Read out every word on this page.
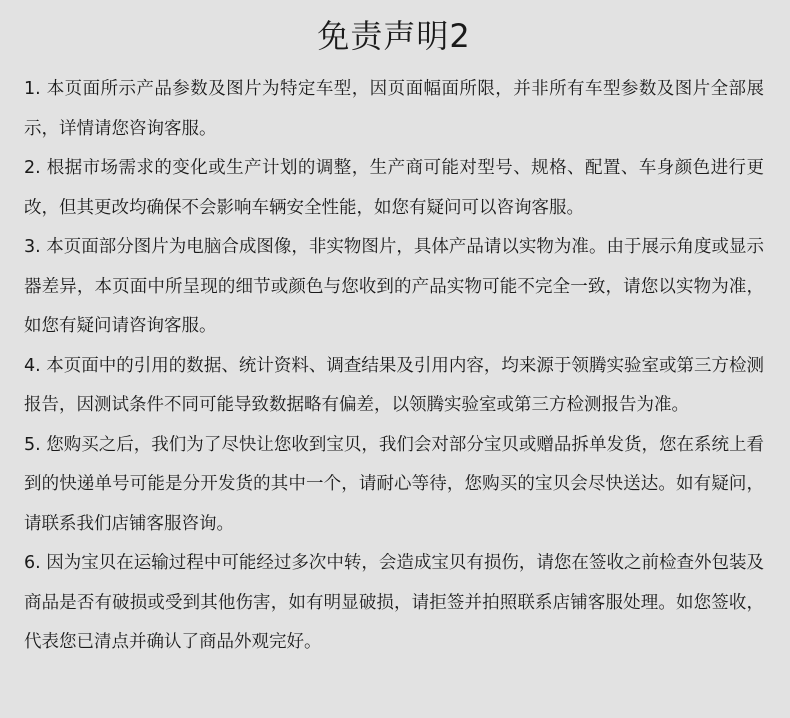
免责声明2

1. 本页面所示产品参数及图片为特定车型，因页面幅面所限，并非所有车型参数及图片全部展示，详情请您咨询客服。

2. 根据市场需求的变化或生产计划的调整，生产商可能对型号、规格、配置、车身颜色进行更改，但其更改均确保不会影响车辆安全性能，如您有疑问可以咨询客服。

3. 本页面部分图片为电脑合成图像，非实物图片，具体产品请以实物为准。由于展示角度或显示器差异，本页面中所呈现的细节或颜色与您收到的产品实物可能不完全一致，请您以实物为准，如您有疑问请咨询客服。

4. 本页面中的引用的数据、统计资料、调查结果及引用内容，均来源于领腾实验室或第三方检测报告，因测试条件不同可能导致数据略有偏差，以领腾实验室或第三方检测报告为准。

5. 您购买之后，我们为了尽快让您收到宝贝，我们会对部分宝贝或赠品拆单发货，您在系统上看到的快递单号可能是分开发货的其中一个，请耐心等待，您购买的宝贝会尽快送达。如有疑问，请联系我们店铺客服咨询。

6. 因为宝贝在运输过程中可能经过多次中转，会造成宝贝有损伤，请您在签收之前检查外包装及商品是否有破损或受到其他伤害，如有明显破损，请拒签并拍照联系店铺客服处理。如您签收，代表您已清点并确认了商品外观完好。
